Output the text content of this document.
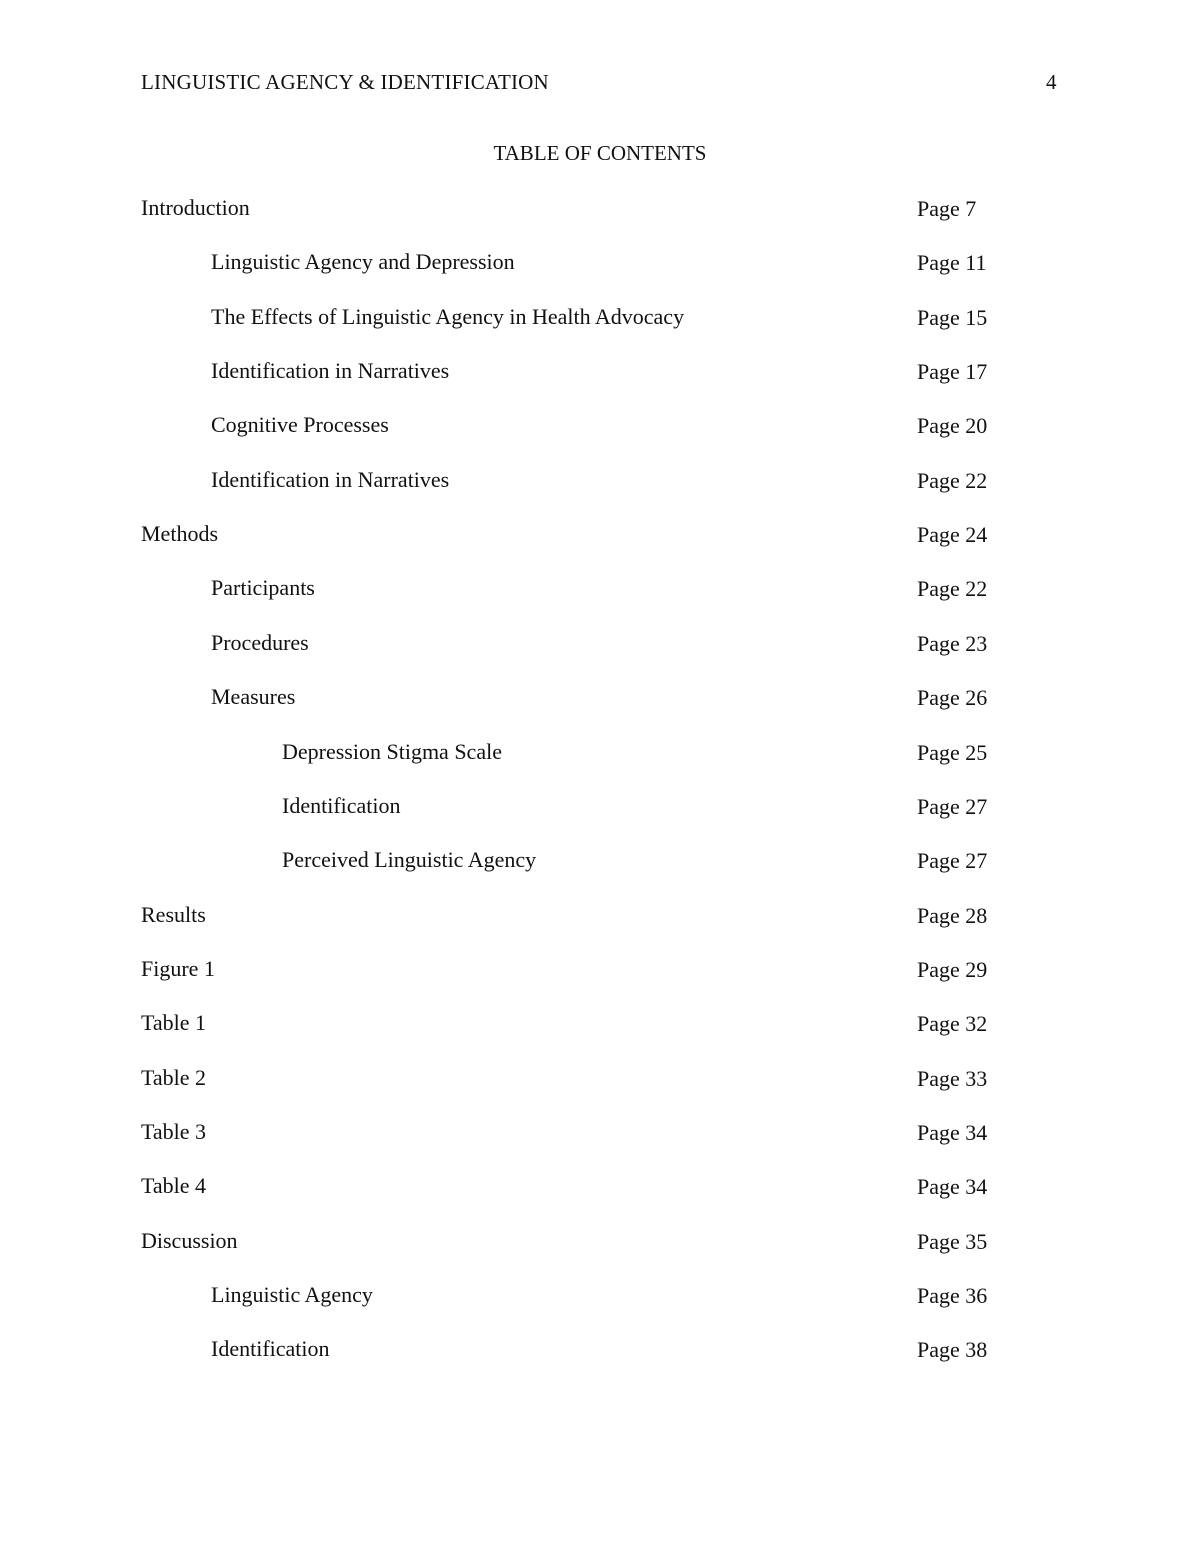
LINGUISTIC AGENCY & IDENTIFICATION	4
TABLE OF CONTENTS
Introduction	Page 7
Linguistic Agency and Depression	Page 11
The Effects of Linguistic Agency in Health Advocacy	Page 15
Identification in Narratives	Page 17
Cognitive Processes	Page 20
Identification in Narratives	Page 22
Methods	Page 24
Participants	Page 22
Procedures	Page 23
Measures	Page 26
Depression Stigma Scale	Page 25
Identification	Page 27
Perceived Linguistic Agency	Page 27
Results	Page 28
Figure 1	Page 29
Table 1	Page 32
Table 2	Page 33
Table 3	Page 34
Table 4	Page 34
Discussion	Page 35
Linguistic Agency	Page 36
Identification	Page 38
